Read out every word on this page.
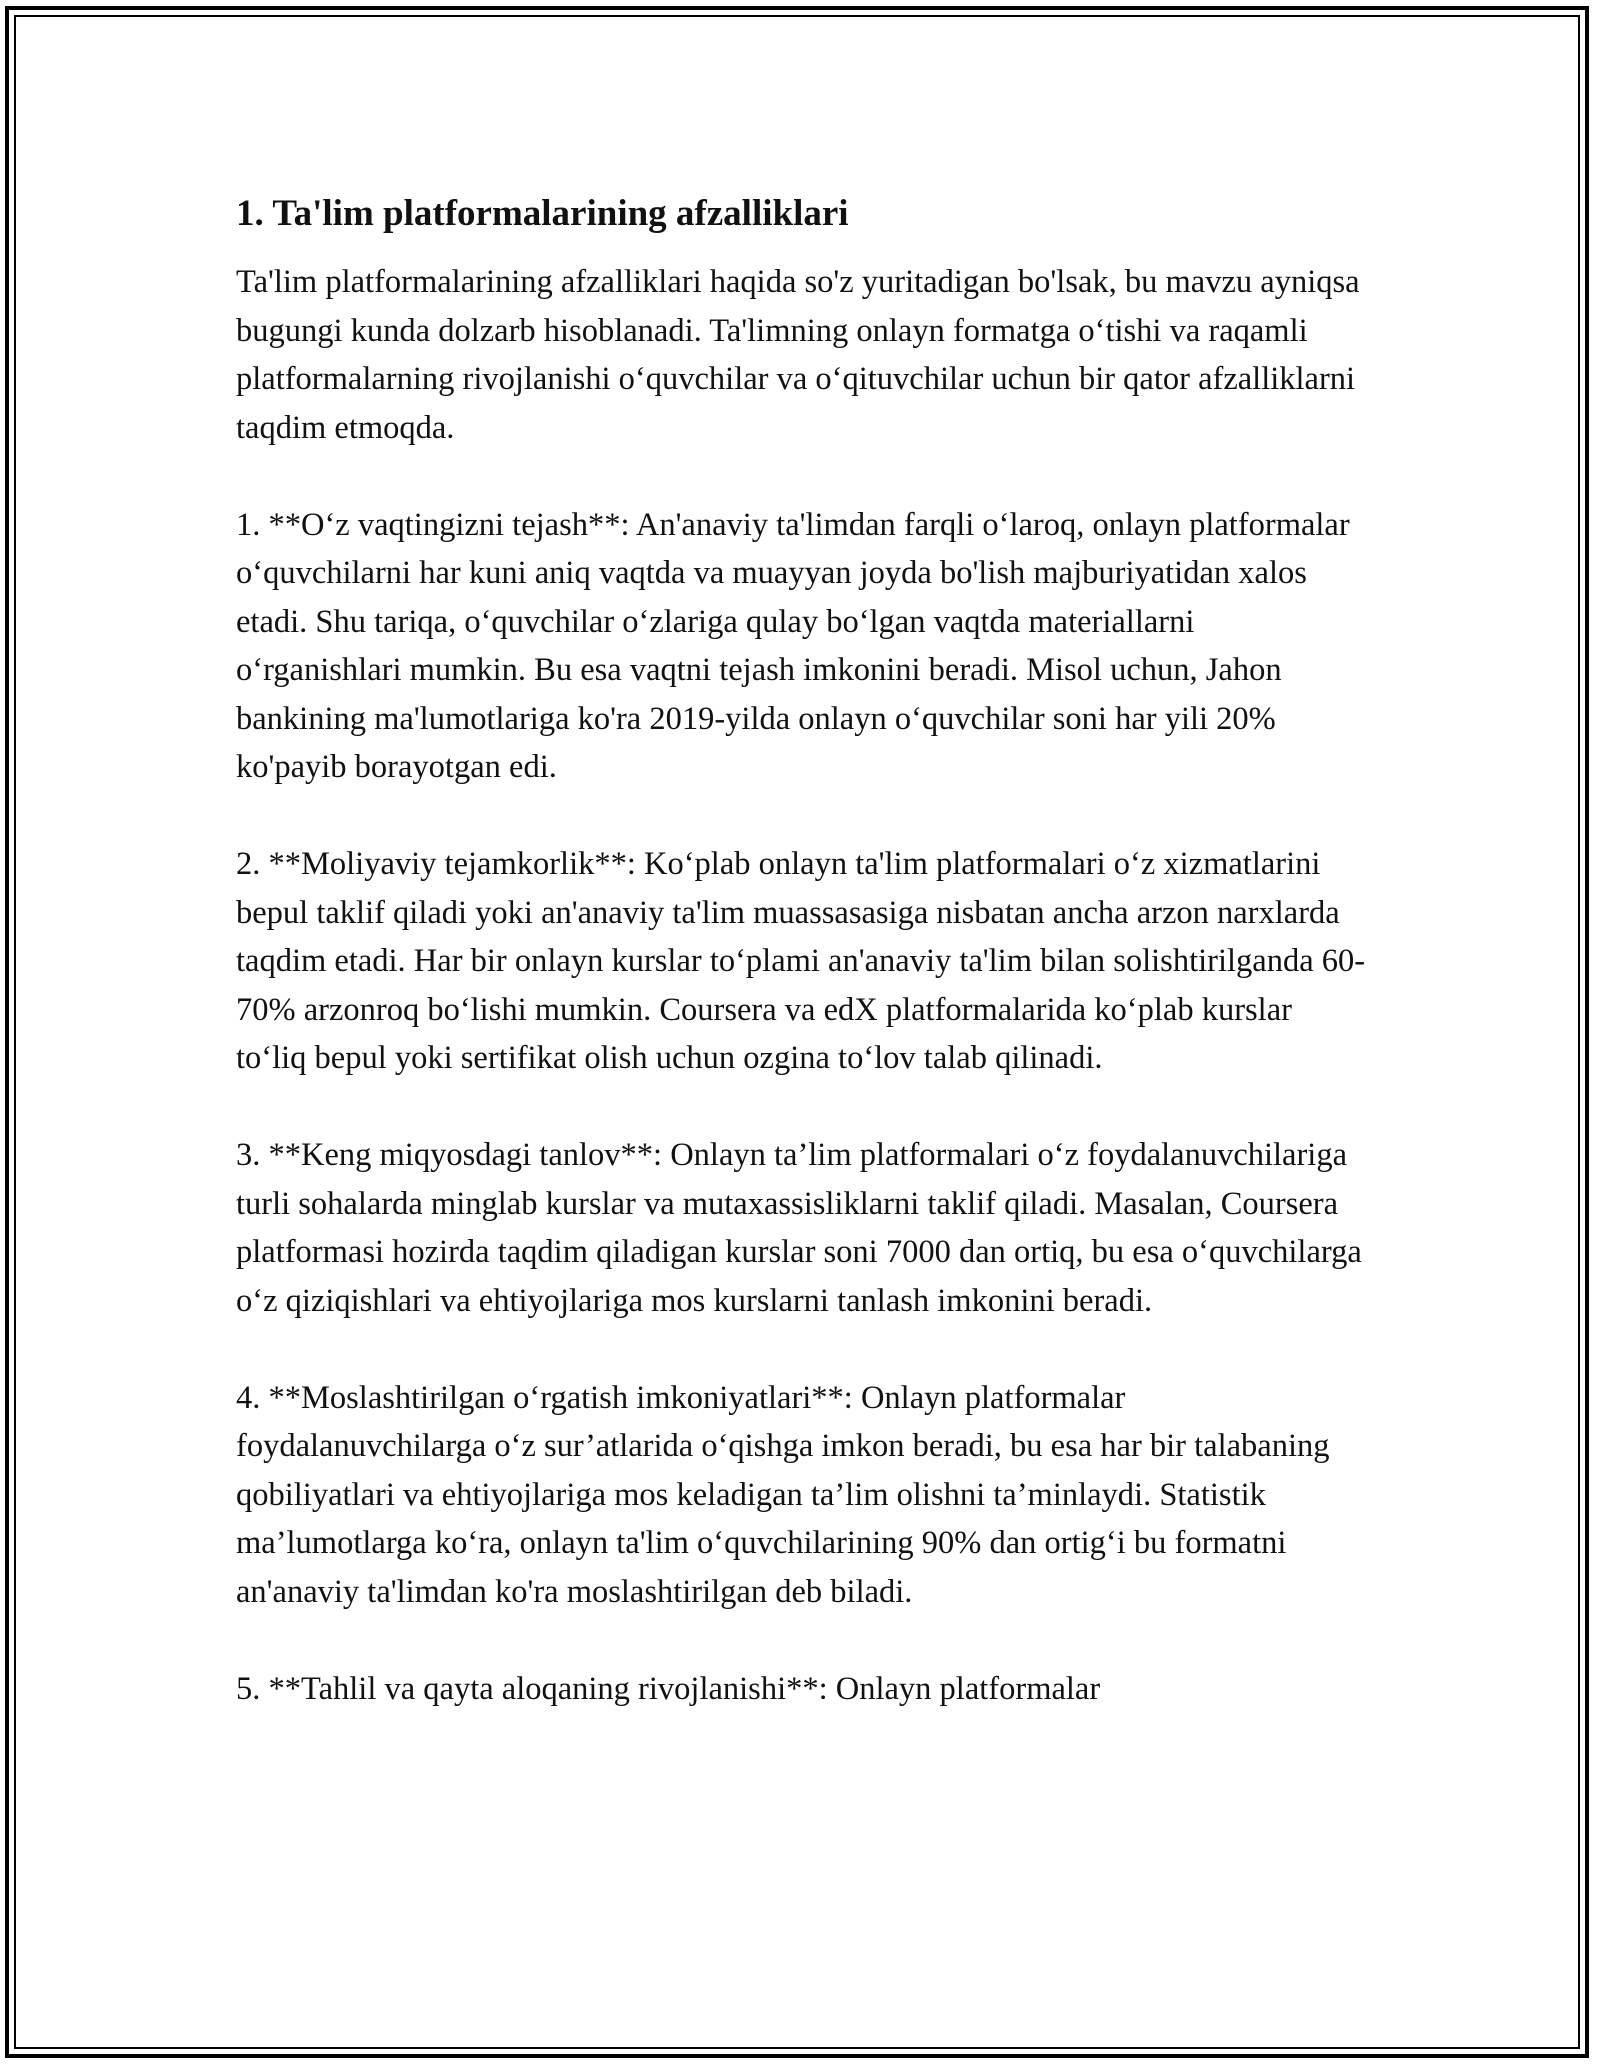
1. Ta'lim platformalarining afzalliklari

Ta'lim platformalarining afzalliklari haqida so'z yuritadigan bo'lsak, bu mavzu ayniqsa bugungi kunda dolzarb hisoblanadi. Ta'limning onlayn formatga o‘tishi va raqamli platformalarning rivojlanishi o‘quvchilar va o‘qituvchilar uchun bir qator afzalliklarni taqdim etmoqda.

1. **O‘z vaqtingizni tejash**: An'anaviy ta'limdan farqli o‘laroq, onlayn platformalar o‘quvchilarni har kuni aniq vaqtda va muayyan joyda bo'lish majburiyatidan xalos etadi. Shu tariqa, o‘quvchilar o‘zlariga qulay bo‘lgan vaqtda materiallarni o‘rganishlari mumkin. Bu esa vaqtni tejash imkonini beradi. Misol uchun, Jahon bankining ma'lumotlariga ko'ra 2019-yilda onlayn o‘quvchilar soni har yili 20% ko'payib borayotgan edi.

2. **Moliyaviy tejamkorlik**: Ko‘plab onlayn ta'lim platformalari o‘z xizmatlarini bepul taklif qiladi yoki an'anaviy ta'lim muassasasiga nisbatan ancha arzon narxlarda taqdim etadi. Har bir onlayn kurslar to‘plami an'anaviy ta'lim bilan solishtirilganda 60-70% arzonroq bo‘lishi mumkin. Coursera va edX platformalarida ko‘plab kurslar to‘liq bepul yoki sertifikat olish uchun ozgina to‘lov talab qilinadi.

3. **Keng miqyosdagi tanlov**: Onlayn ta’lim platformalari o‘z foydalanuvchilariga turli sohalarda minglab kurslar va mutaxassisliklarni taklif qiladi. Masalan, Coursera platformasi hozirda taqdim qiladigan kurslar soni 7000 dan ortiq, bu esa o‘quvchilarga o‘z qiziqishlari va ehtiyojlariga mos kurslarni tanlash imkonini beradi.

4. **Moslashtirilgan o‘rgatish imkoniyatlari**: Onlayn platformalar foydalanuvchilarga o‘z sur’atlarida o‘qishga imkon beradi, bu esa har bir talabaning qobiliyatlari va ehtiyojlariga mos keladigan ta’lim olishni ta’minlaydi. Statistik ma’lumotlarga ko‘ra, onlayn ta'lim o‘quvchilarining 90% dan ortig‘i bu formatni an'anaviy ta'limdan ko'ra moslashtirilgan deb biladi.

5. **Tahlil va qayta aloqaning rivojlanishi**: Onlayn platformalar
